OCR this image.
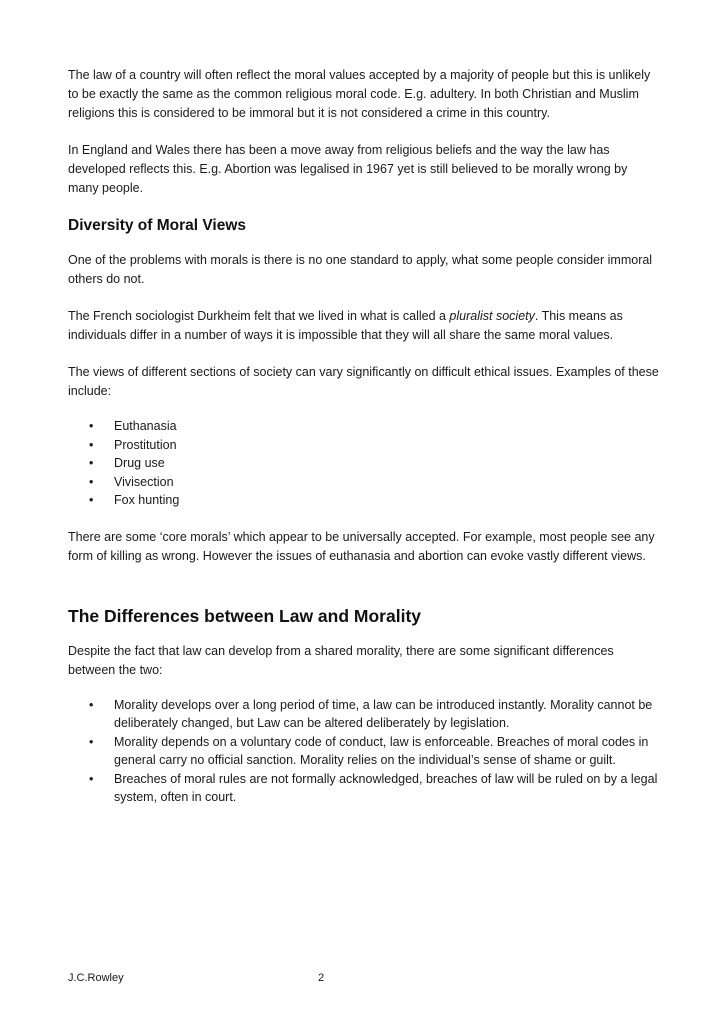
The law of a country will often reflect the moral values accepted by a majority of people but this is unlikely to be exactly the same as the common religious moral code. E.g. adultery. In both Christian and Muslim religions this is considered to be immoral but it is not considered a crime in this country.

In England and Wales there has been a move away from religious beliefs and the way the law has developed reflects this. E.g. Abortion was legalised in 1967 yet is still believed to be morally wrong by many people.

Diversity of Moral Views

One of the problems with morals is there is no one standard to apply, what some people consider immoral others do not.

The French sociologist Durkheim felt that we lived in what is called a pluralist society. This means as individuals differ in a number of ways it is impossible that they will all share the same moral values.

The views of different sections of society can vary significantly on difficult ethical issues. Examples of these include:

• Euthanasia
• Prostitution
• Drug use
• Vivisection
• Fox hunting

There are some ‘core morals’ which appear to be universally accepted. For example, most people see any form of killing as wrong. However the issues of euthanasia and abortion can evoke vastly different views.

The Differences between Law and Morality

Despite the fact that law can develop from a shared morality, there are some significant differences between the two:

• Morality develops over a long period of time, a law can be introduced instantly. Morality cannot be deliberately changed, but Law can be altered deliberately by legislation.
• Morality depends on a voluntary code of conduct, law is enforceable. Breaches of moral codes in general carry no official sanction. Morality relies on the individual’s sense of shame or guilt.
• Breaches of moral rules are not formally acknowledged, breaches of law will be ruled on by a legal system, often in court.
J.C.Rowley	2
